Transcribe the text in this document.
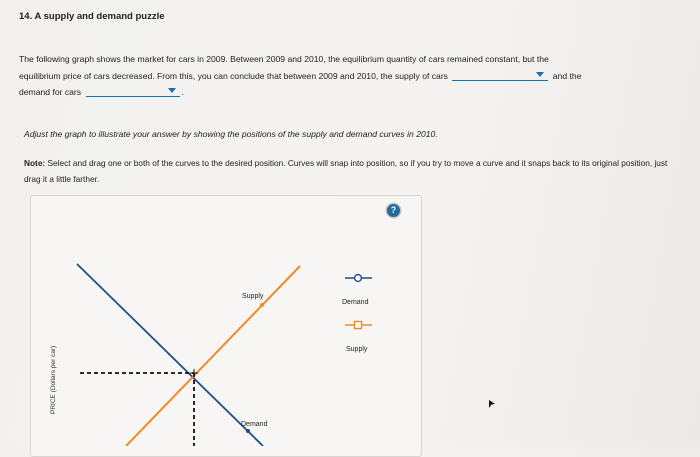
14. A supply and demand puzzle
The following graph shows the market for cars in 2009. Between 2009 and 2010, the equilibrium quantity of cars remained constant, but the
equilibrium price of cars decreased. From this, you can conclude that between 2009 and 2010, the supply of cars	and the
demand for cars	.
Adjust the graph to illustrate your answer by showing the positions of the supply and demand curves in 2010.
Note: Select and drag one or both of the curves to the desired position. Curves will snap into position, so if you try to move a curve and it snaps back to its original position, just drag it a little farther.
?
PRICE (Dollars per car)
Supply
Demand
Demand
Supply
